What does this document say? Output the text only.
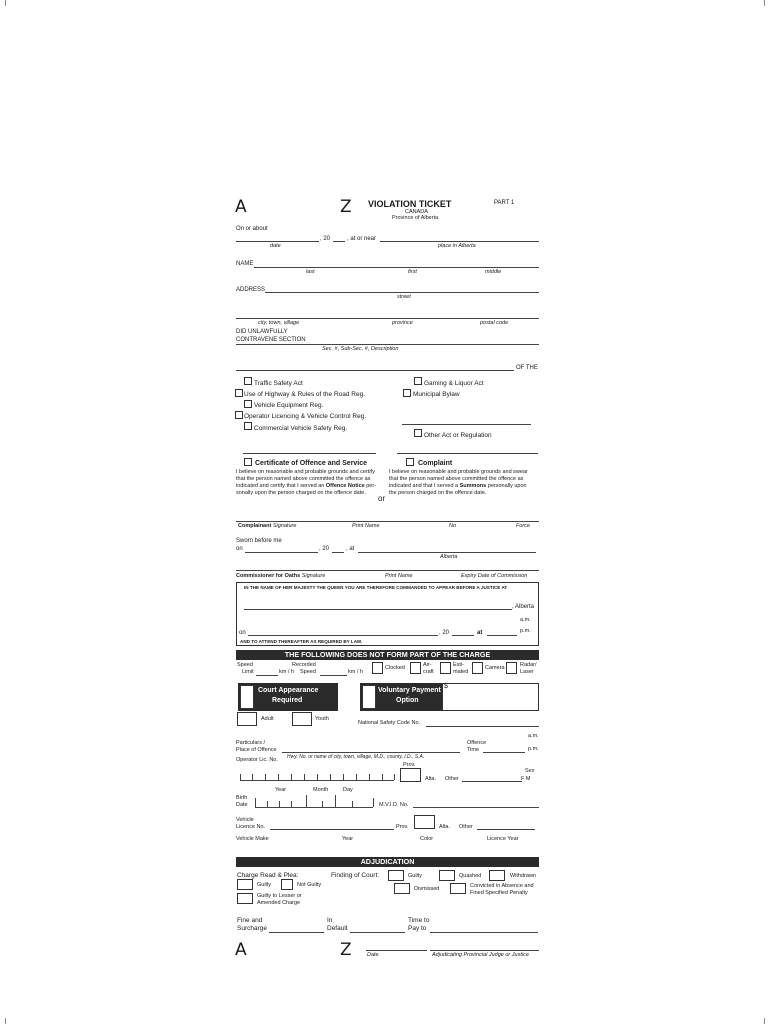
A	Z VIOLATION TICKET
CANADA
Province of Alberta
PART 1
On or about
, 20	, at or near
date	place in Alberta
NAME
last	first	middle
ADDRESS
street
city, town, village	province	postal code
DID UNLAWFULLY
CONTRAVENE SECTION
Sec. #, Sub-Sec. #, Description
OF THE
Traffic Safety Act
Use of Highway & Rules of the Road Reg.
Vehicle Equipment Reg.
Operator Licencing & Vehicle Control Reg.
Commercial Vehicle Safety Reg.
Gaming & Liquor Act
Municipal Bylaw
Other Act or Regulation
Certificate of Offence and Service
I believe on reasonable and probable grounds and certify
that the person named above committed the offence as
indicated and certify that I served an Offence Notice per-
sonally upon the person charged on the offence date.
or
Complaint
I believe on reasonable and probable grounds and swear
that the person named above committed the offence as
indicated and that I served a Summons personally upon
the person charged on the offence date.
Complainant Signature	Print Name	No	Force
Sworn before me
on	, 20	, at
Alberta
Commissioner for Oaths Signature	Print Name	Expiry Date of Commission
IN THE NAME OF HER MAJESTY THE QUEEN YOU ARE THEREFORE COMMANDED TO APPEAR BEFORE A JUSTICE AT
, Alberta
a.m.
p.m.
on	, 20	at
AND TO ATTEND THEREAFTER AS REQUIRED BY LAW.
THE FOLLOWING DOES NOT FORM PART OF THE CHARGE
Speed
Limit	km / h
Recorded
Speed	km / h
Clocked	Air-
craft
Esti-
mated
Camera	Radar/
Laser
Court Appearance
Required
Voluntary Payment
Option
$
Adult	Youth
National Safety Code No.
a.m.
Particulars /	Offence
Place of Offence	Time	p.m.
Hwy. No. or name of city, town, village, M.D., county, I.D., S.A.
Operator Lic. No.
Prov.
Alta. Other
Sex
F M
Year	Month	Day
Birth
Date	M.V.I.D. No.
Vehicle
Licence No.	Prov.	Alta. Other
Vehicle Make	Year	Color	Licence Year
ADJUDICATION
Charge Read & Plea:
Guilty	Not Guilty
Guilty to Lesser or
Amended Charge
Finding of Court:	Guilty	Quashed	Withdrawn
Dismissed	Convicted in Absence and
Fined Specified Penalty
Fine and
Surcharge
In
Default
Time to
Pay to
A	Z	Date	Adjudicating Provincial Judge or Justice
